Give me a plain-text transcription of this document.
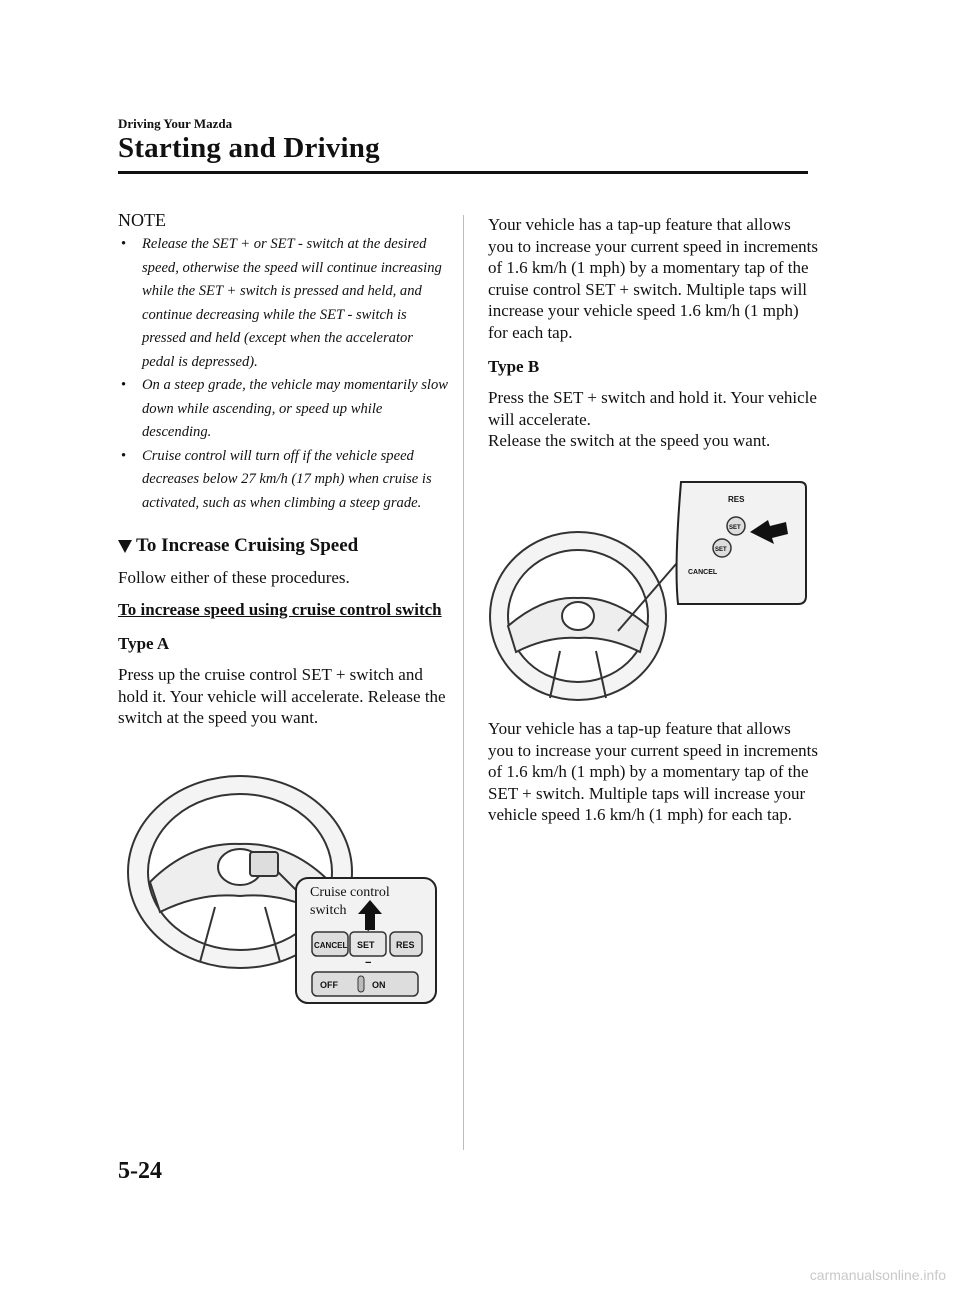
Driving Your Mazda
Starting and Driving
NOTE
• Release the SET + or SET - switch at the desired speed, otherwise the speed will continue increasing while the SET + switch is pressed and held, and continue decreasing while the SET - switch is pressed and held (except when the accelerator pedal is depressed).
• On a steep grade, the vehicle may momentarily slow down while ascending, or speed up while descending.
• Cruise control will turn off if the vehicle speed decreases below 27 km/h (17 mph) when cruise is activated, such as when climbing a steep grade.
To Increase Cruising Speed

Follow either of these procedures.

To increase speed using cruise control switch
Type A

Press up the cruise control SET + switch and hold it. Your vehicle will accelerate. Release the switch at the speed you want.

Cruise control
switch
CANCEL SET
−
RES
OFF	ON

Your vehicle has a tap-up feature that allows you to increase your current speed in increments of 1.6 km/h (1 mph) by a momentary tap of the cruise control SET + switch. Multiple taps will increase your vehicle speed 1.6 km/h (1 mph) for each tap.

Type B

Press the SET + switch and hold it. Your vehicle will accelerate.

Release the switch at the speed you want.

RES
SET
SET
CANCEL

Your vehicle has a tap-up feature that allows you to increase your current speed in increments of 1.6 km/h (1 mph) by a momentary tap of the SET + switch. Multiple taps will increase your vehicle speed 1.6 km/h (1 mph) for each tap.

5-24
carmanualsonline.info
